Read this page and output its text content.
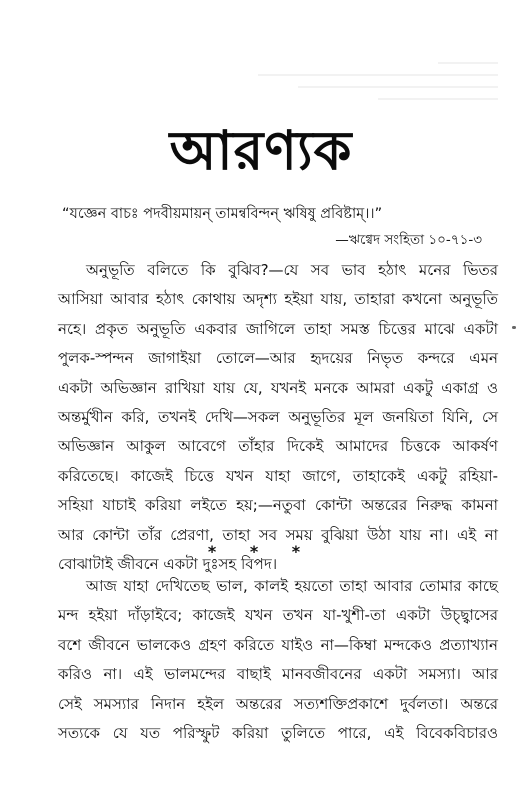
আরণ্যক
“যজ্ঞেন বাচঃ পদবীয়মায়ন্ তামন্ববিন্দন্ ঋষিষু প্রবিষ্টাম্।।”
—ঋগ্বেদ সংহিতা ১০-৭১-৩
অনুভূতি বলিতে কি বুঝিব?—যে সব ভাব হঠাৎ মনের ভিতর
আসিয়া আবার হঠাৎ কোথায় অদৃশ্য হইয়া যায়, তাহারা কখনো অনুভূতি
নহে। প্রকৃত অনুভূতি একবার জাগিলে তাহা সমস্ত চিত্তের মাঝে একটা
পুলক-স্পন্দন জাগাইয়া তোলে—আর হৃদয়ের নিভৃত কন্দরে এমন
একটা অভিজ্ঞান রাখিয়া যায় যে, যখনই মনকে আমরা একটু একাগ্র ও
অন্তর্মুখীন করি, তখনই দেখি—সকল অনুভূতির মূল জনয়িতা যিনি, সে
অভিজ্ঞান আকুল আবেগে তাঁহার দিকেই আমাদের চিত্তকে আকর্ষণ
করিতেছে। কাজেই চিত্তে যখন যাহা জাগে, তাহাকেই একটু রহিয়া-
সহিয়া যাচাই করিয়া লইতে হয়;—নতুবা কোন্টা অন্তরের নিরুদ্ধ কামনা
আর কোন্টা তাঁর প্রেরণা, তাহা সব সময় বুঝিয়া উঠা যায় না। এই না
বোঝাটাই জীবনে একটা দুঃসহ বিপদ।
* * *
আজ যাহা দেখিতেছ ভাল, কালই হয়তো তাহা আবার তোমার কাছে
মন্দ হইয়া দাঁড়াইবে; কাজেই যখন তখন যা-খুশী-তা একটা উচ্ছ্বাসের
বশে জীবনে ভালকেও গ্রহণ করিতে যাইও না—কিম্বা মন্দকেও প্রত্যাখ্যান
করিও না। এই ভালমন্দের বাছাই মানবজীবনের একটা সমস্যা। আর
সেই সমস্যার নিদান হইল অন্তরের সত্যশক্তিপ্রকাশে দুর্বলতা। অন্তরে
সত্যকে যে যত পরিস্ফুট করিয়া তুলিতে পারে, এই বিবেকবিচারও
